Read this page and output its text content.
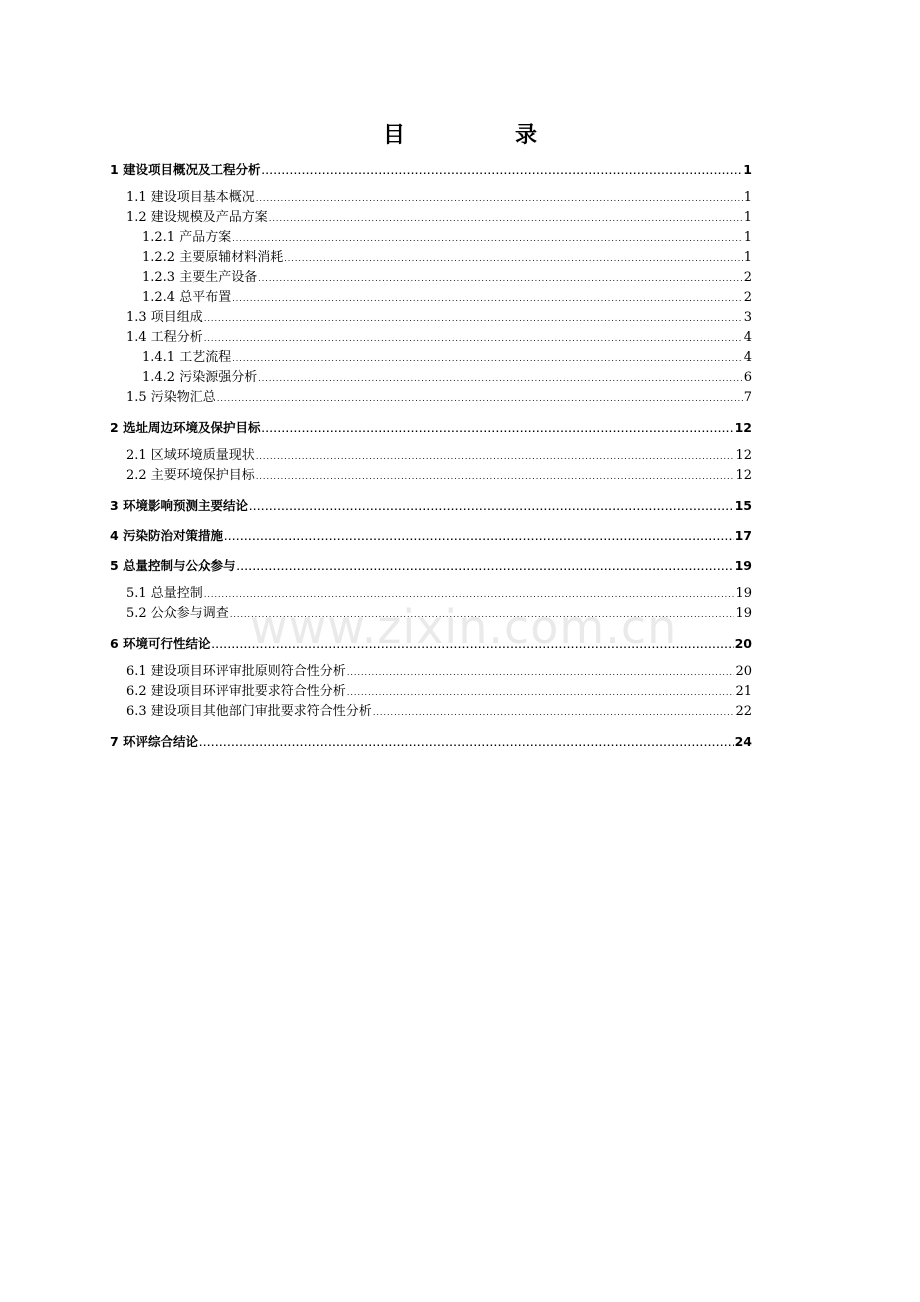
目　录
1 建设项目概况及工程分析 .....	1
1.1 建设项目基本概况 .....	1
1.2 建设规模及产品方案 .....	1
1.2.1 产品方案 .....	1
1.2.2 主要原辅材料消耗 .....	1
1.2.3 主要生产设备 .....	2
1.2.4 总平布置 .....	2
1.3 项目组成 .....	3
1.4 工程分析 .....	4
1.4.1 工艺流程 .....	4
1.4.2 污染源强分析 .....	6
1.5 污染物汇总 .....	7
2 选址周边环境及保护目标 .....	12
2.1 区域环境质量现状 .....	12
2.2 主要环境保护目标 .....	12
3 环境影响预测主要结论 .....	15
4 污染防治对策措施 .....	17
5 总量控制与公众参与 .....	19
5.1 总量控制 .....	19
5.2 公众参与调查 .....	19
6 环境可行性结论 .....	20
6.1 建设项目环评审批原则符合性分析 .....	20
6.2 建设项目环评审批要求符合性分析 .....	21
6.3 建设项目其他部门审批要求符合性分析 .....	22
7 环评综合结论 .....	24
www.zixin.com.cn
